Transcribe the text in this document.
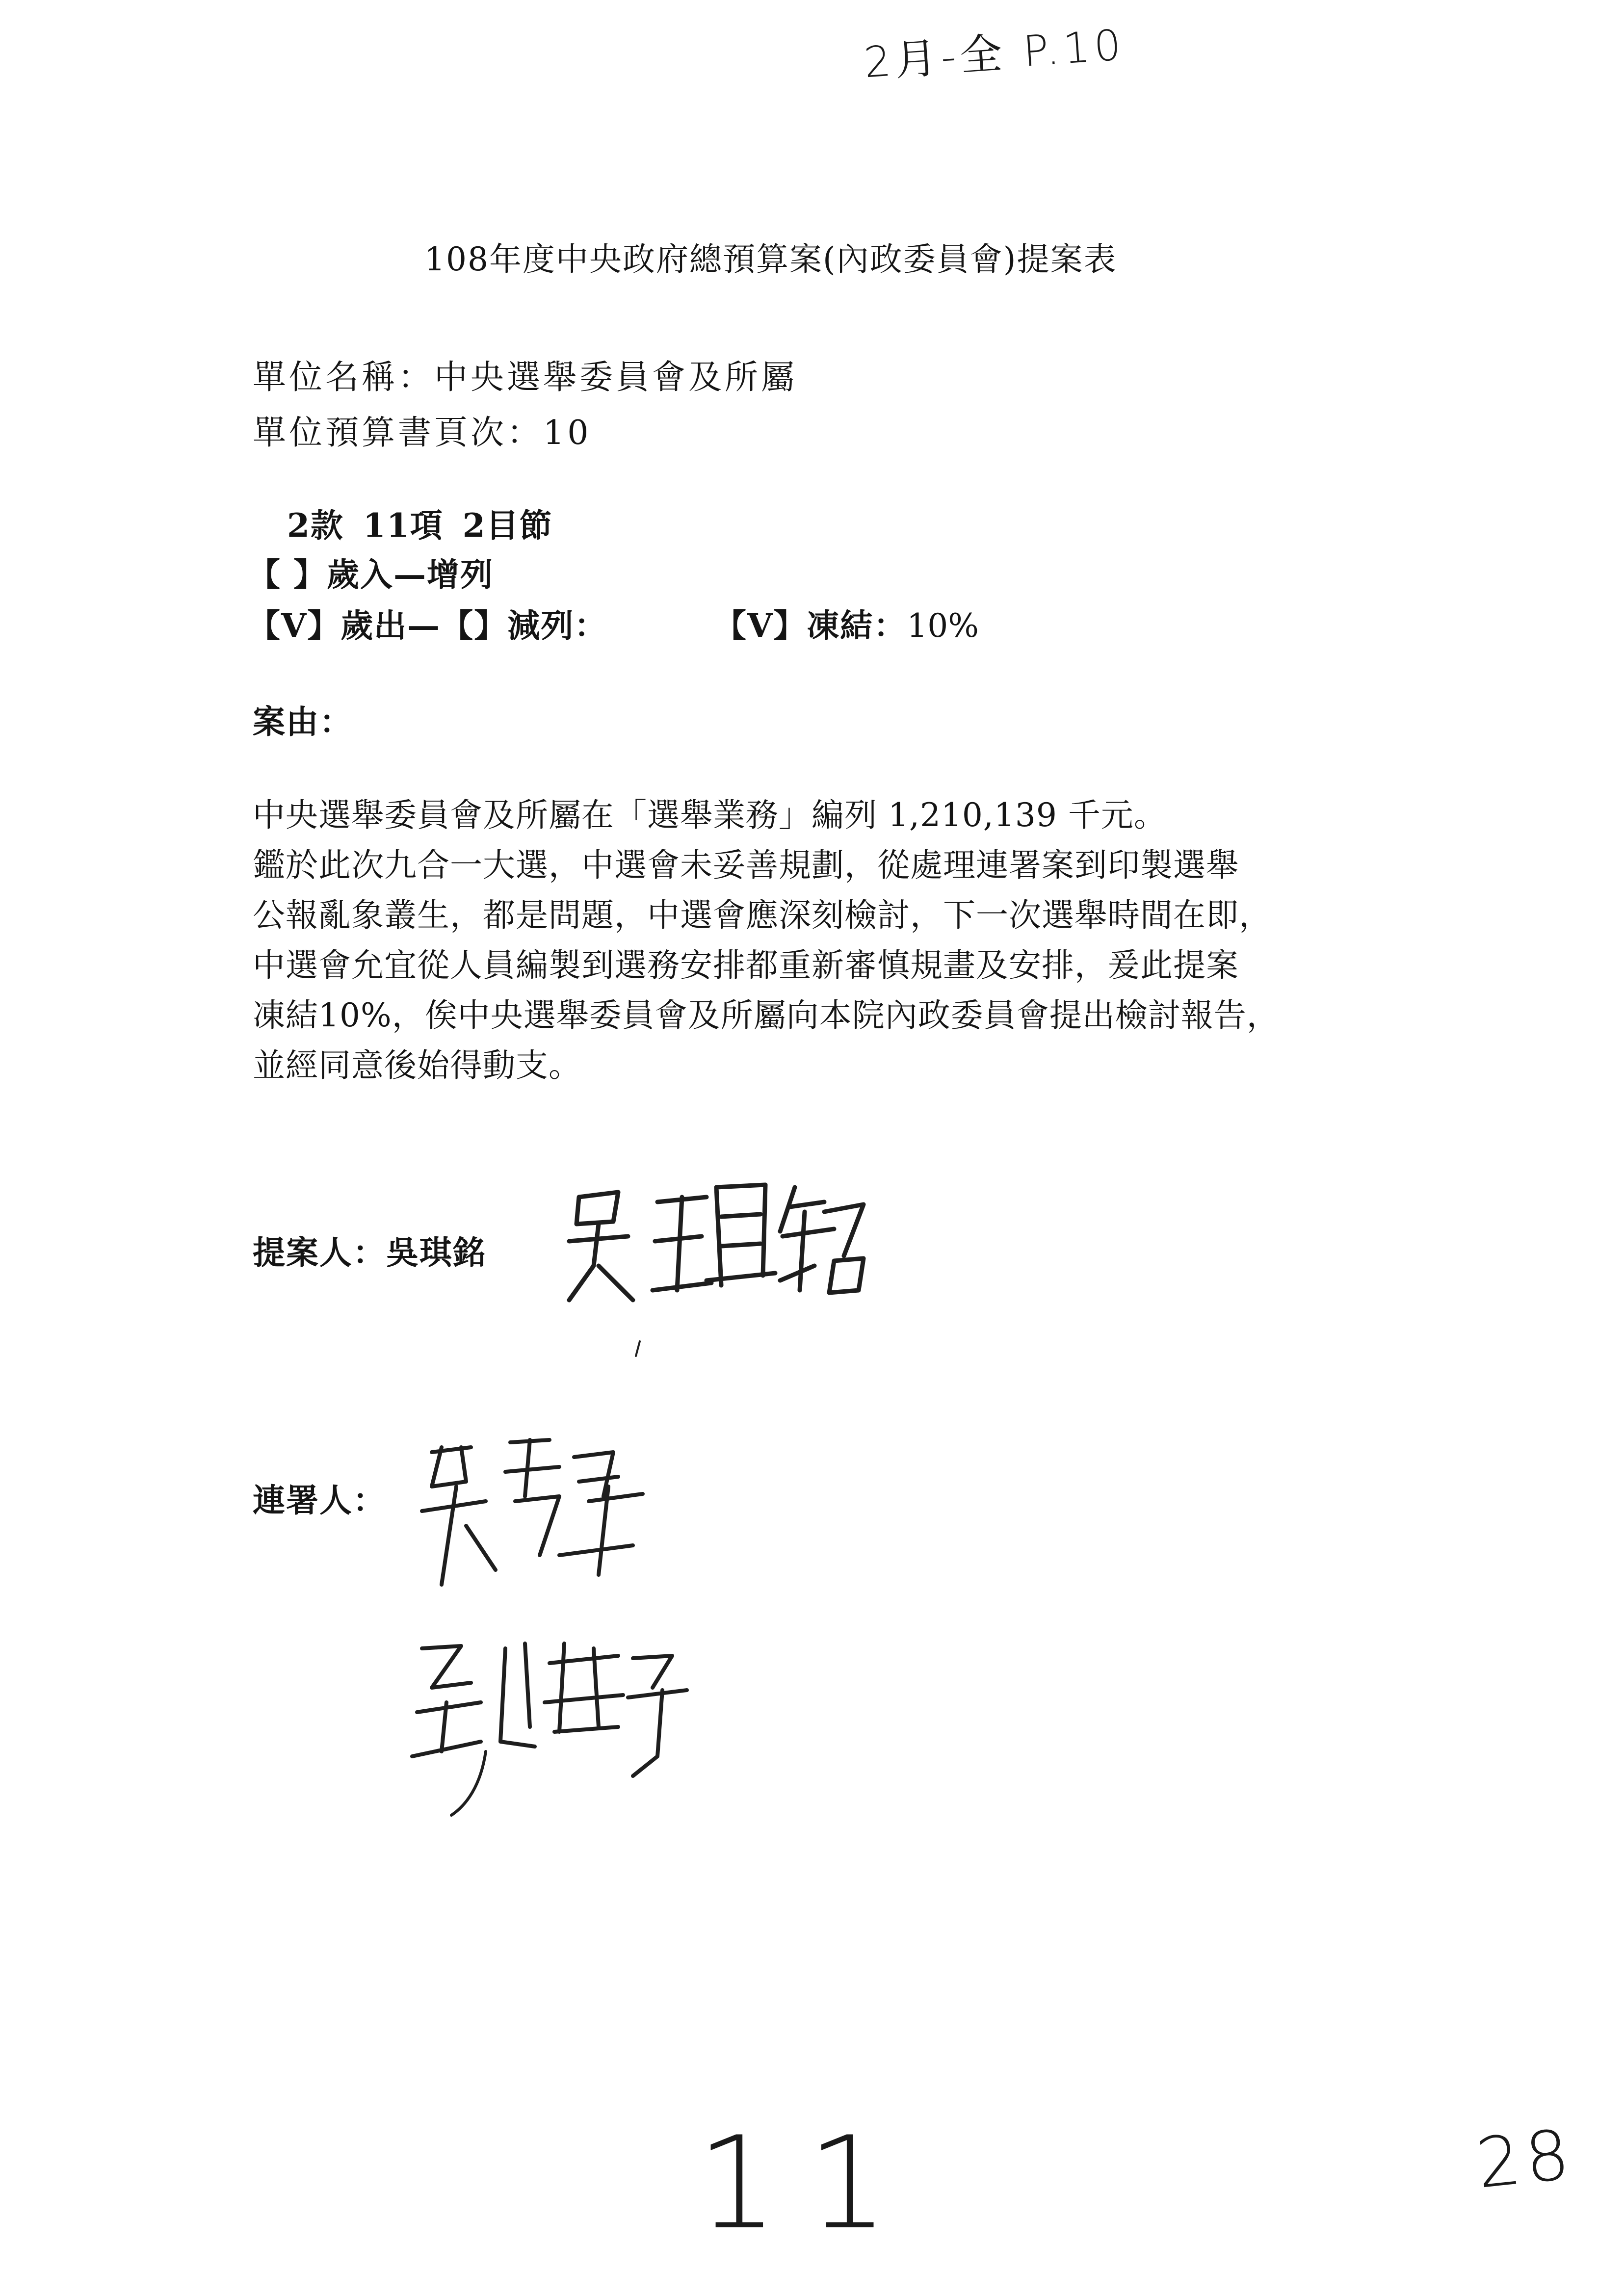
2月-全 P.10
108年度中央政府總預算案(內政委員會)提案表
單位名稱：中央選舉委員會及所屬
單位預算書頁次：10
2款 11項 2目節
【 】歲入—增列
【V】歲出—【】減列：	【V】凍結：10%
案由：
中央選舉委員會及所屬在「選舉業務」編列 1,210,139 千元。
鑑於此次九合一大選，中選會未妥善規劃，從處理連署案到印製選舉
公報亂象叢生，都是問題，中選會應深刻檢討，下一次選舉時間在即，
中選會允宜從人員編製到選務安排都重新審慎規畫及安排，爰此提案
凍結10%，俟中央選舉委員會及所屬向本院內政委員會提出檢討報告，
並經同意後始得動支。
提案人：吳琪銘
連署人：
11	28
